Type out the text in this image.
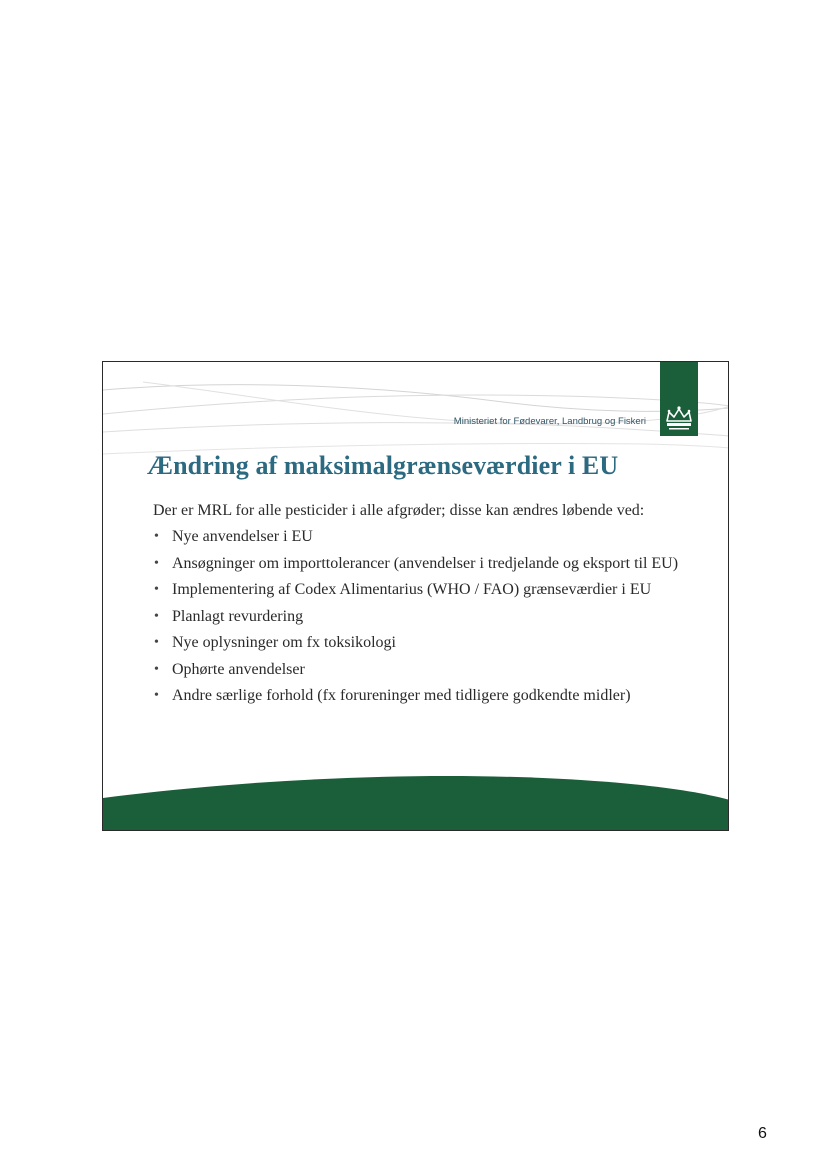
Ministeriet for Fødevarer, Landbrug og Fiskeri
Ændring af maksimalgrænseværdier i EU
Der er MRL for alle pesticider i alle afgrøder; disse kan ændres løbende ved:
• Nye anvendelser i EU
• Ansøgninger om importtolerancer (anvendelser i tredjelande og eksport til EU)
• Implementering af Codex Alimentarius (WHO / FAO) grænseværdier i EU
• Planlagt revurdering
• Nye oplysninger om fx toksikologi
• Ophørte anvendelser
• Andre særlige forhold (fx forureninger med tidligere godkendte midler)
6
